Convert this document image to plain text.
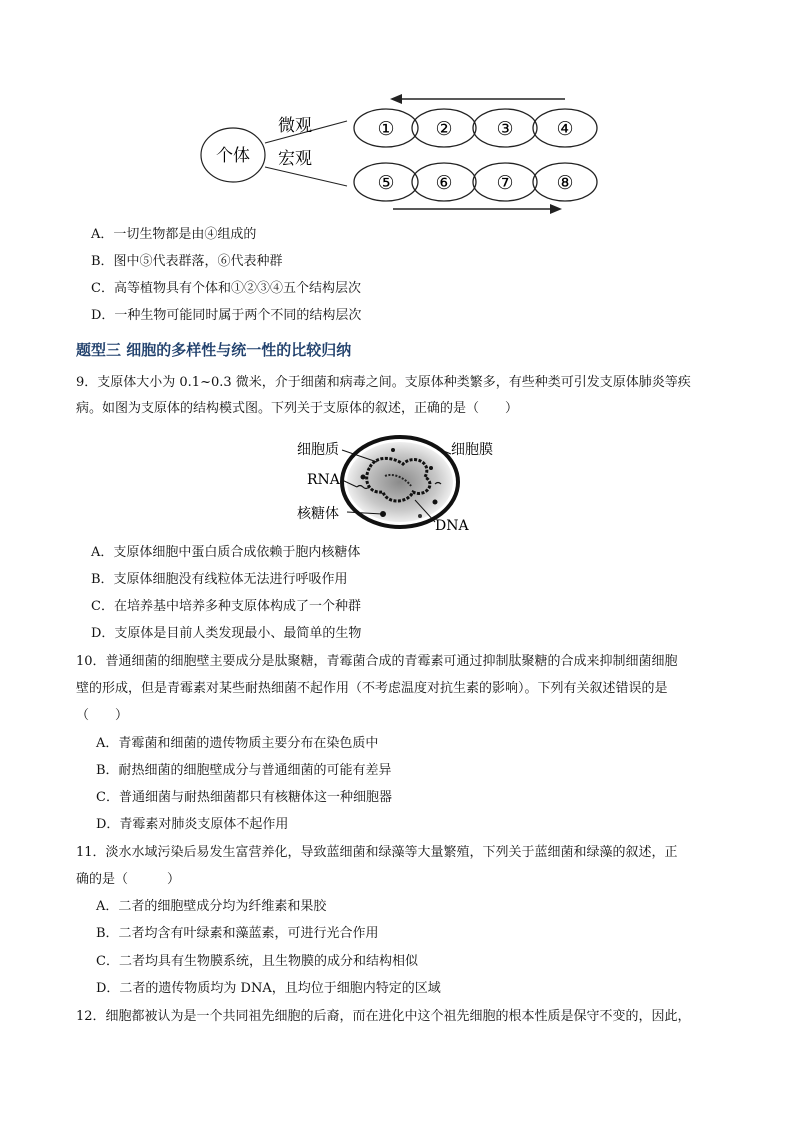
个体
微观
宏观
① ② ③ ④
⑤ ⑥ ⑦ ⑧
A．一切生物都是由④组成的
B．图中⑤代表群落，⑥代表种群
C．高等植物具有个体和①②③④五个结构层次
D．一种生物可能同时属于两个不同的结构层次
题型三 细胞的多样性与统一性的比较归纳
9．支原体大小为 0.1~0.3 微米，介于细菌和病毒之间。支原体种类繁多，有些种类可引发支原体肺炎等疾
病。如图为支原体的结构模式图。下列关于支原体的叙述，正确的是（　　）
细胞质	细胞膜
RNA
核糖体
DNA
A．支原体细胞中蛋白质合成依赖于胞内核糖体
B．支原体细胞没有线粒体无法进行呼吸作用
C．在培养基中培养多种支原体构成了一个种群
D．支原体是目前人类发现最小、最简单的生物
10．普通细菌的细胞壁主要成分是肽聚糖，青霉菌合成的青霉素可通过抑制肽聚糖的合成来抑制细菌细胞
壁的形成，但是青霉素对某些耐热细菌不起作用（不考虑温度对抗生素的影响）。下列有关叙述错误的是
（　　）
A．青霉菌和细菌的遗传物质主要分布在染色质中
B．耐热细菌的细胞壁成分与普通细菌的可能有差异
C．普通细菌与耐热细菌都只有核糖体这一种细胞器
D．青霉素对肺炎支原体不起作用
11．淡水水域污染后易发生富营养化，导致蓝细菌和绿藻等大量繁殖，下列关于蓝细菌和绿藻的叙述，正
确的是（　　　）
A．二者的细胞壁成分均为纤维素和果胶
B．二者均含有叶绿素和藻蓝素，可进行光合作用
C．二者均具有生物膜系统，且生物膜的成分和结构相似
D．二者的遗传物质均为 DNA，且均位于细胞内特定的区域
12．细胞都被认为是一个共同祖先细胞的后裔，而在进化中这个祖先细胞的根本性质是保守不变的，因此，
